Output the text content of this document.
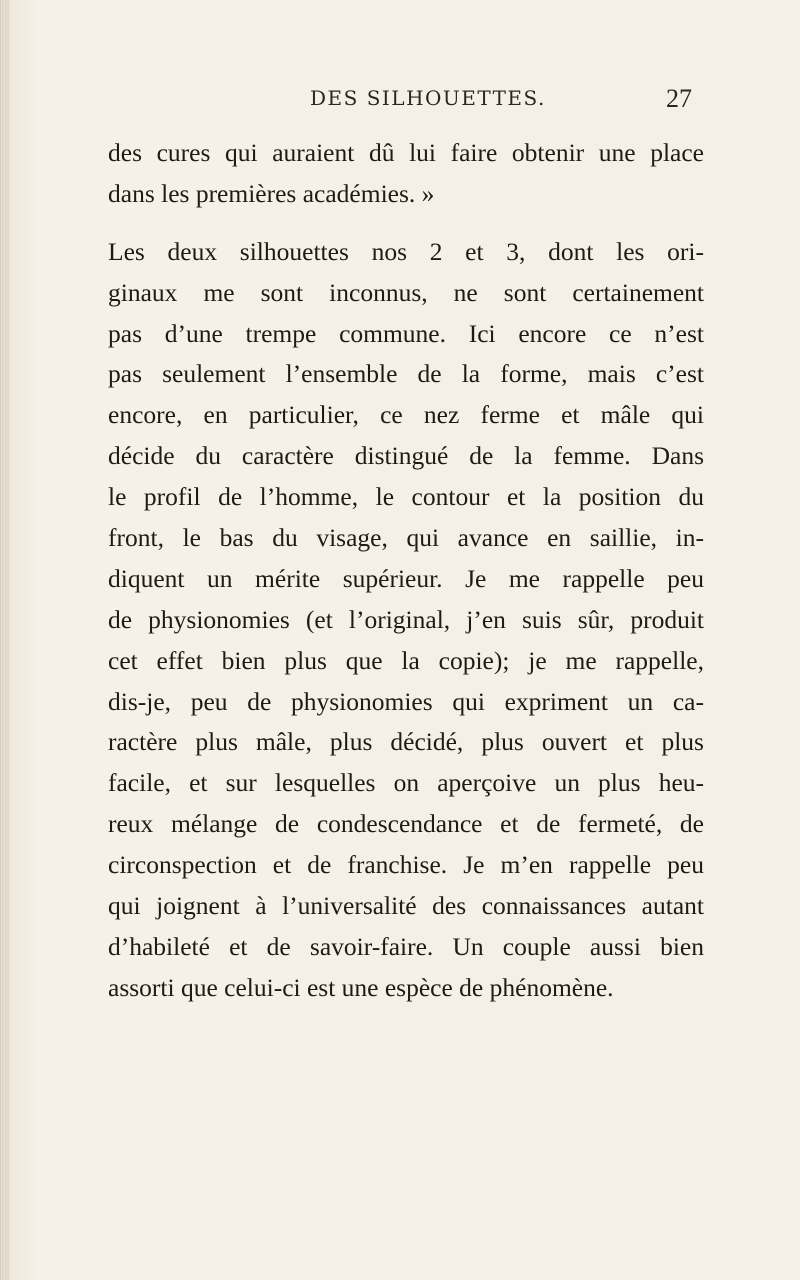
DES SILHOUETTES.	27
des cures qui auraient dû lui faire obtenir une place
dans les premières académies. »
Les deux silhouettes nos 2 et 3, dont les ori-
ginaux me sont inconnus, ne sont certainement
pas d’une trempe commune. Ici encore ce n’est
pas seulement l’ensemble de la forme, mais c’est
encore, en particulier, ce nez ferme et mâle qui
décide du caractère distingué de la femme. Dans
le profil de l’homme, le contour et la position du
front, le bas du visage, qui avance en saillie, in-
diquent un mérite supérieur. Je me rappelle peu
de physionomies (et l’original, j’en suis sûr, produit
cet effet bien plus que la copie); je me rappelle,
dis-je, peu de physionomies qui expriment un ca-
ractère plus mâle, plus décidé, plus ouvert et plus
facile, et sur lesquelles on aperçoive un plus heu-
reux mélange de condescendance et de fermeté, de
circonspection et de franchise. Je m’en rappelle peu
qui joignent à l’universalité des connaissances autant
d’habileté et de savoir-faire. Un couple aussi bien
assorti que celui-ci est une espèce de phénomène.
